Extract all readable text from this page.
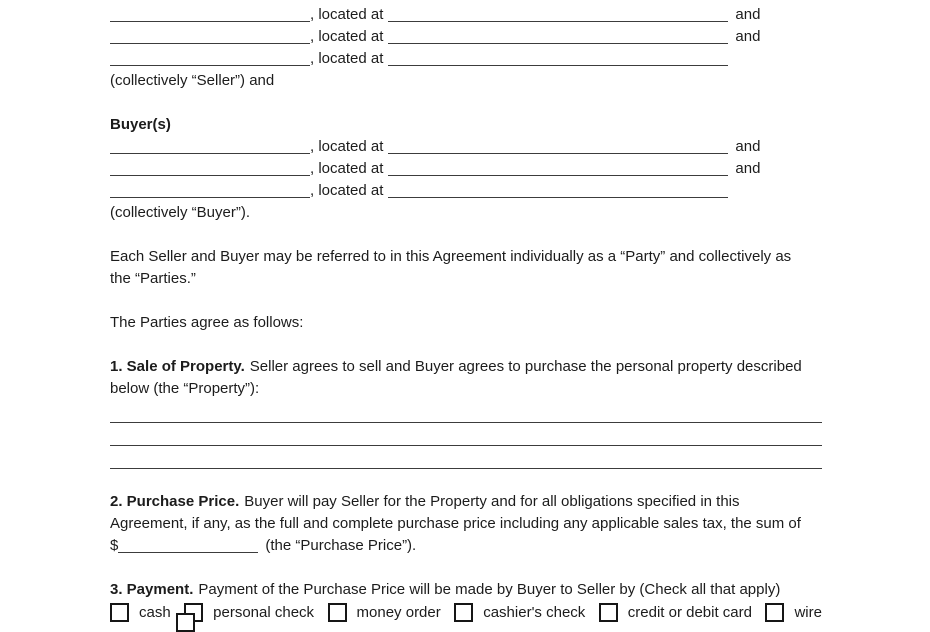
, located at	and
, located at	and
, located at
(collectively “Seller”) and
Buyer(s)
, located at	and
, located at	and
, located at
(collectively “Buyer”).
Each Seller and Buyer may be referred to in this Agreement individually as a “Party” and collectively as
the “Parties.”
The Parties agree as follows:
1. Sale of Property. Seller agrees to sell and Buyer agrees to purchase the personal property described
below (the “Property”):
2. Purchase Price. Buyer will pay Seller for the Property and for all obligations specified in this
Agreement, if any, as the full and complete purchase price including any applicable sales tax, the sum of
$	(the “Purchase Price”).
3. Payment. Payment of the Purchase Price will be made by Buyer to Seller by (Check all that apply)
cash	personal check	money order	cashier's check	credit or debit card	wire
